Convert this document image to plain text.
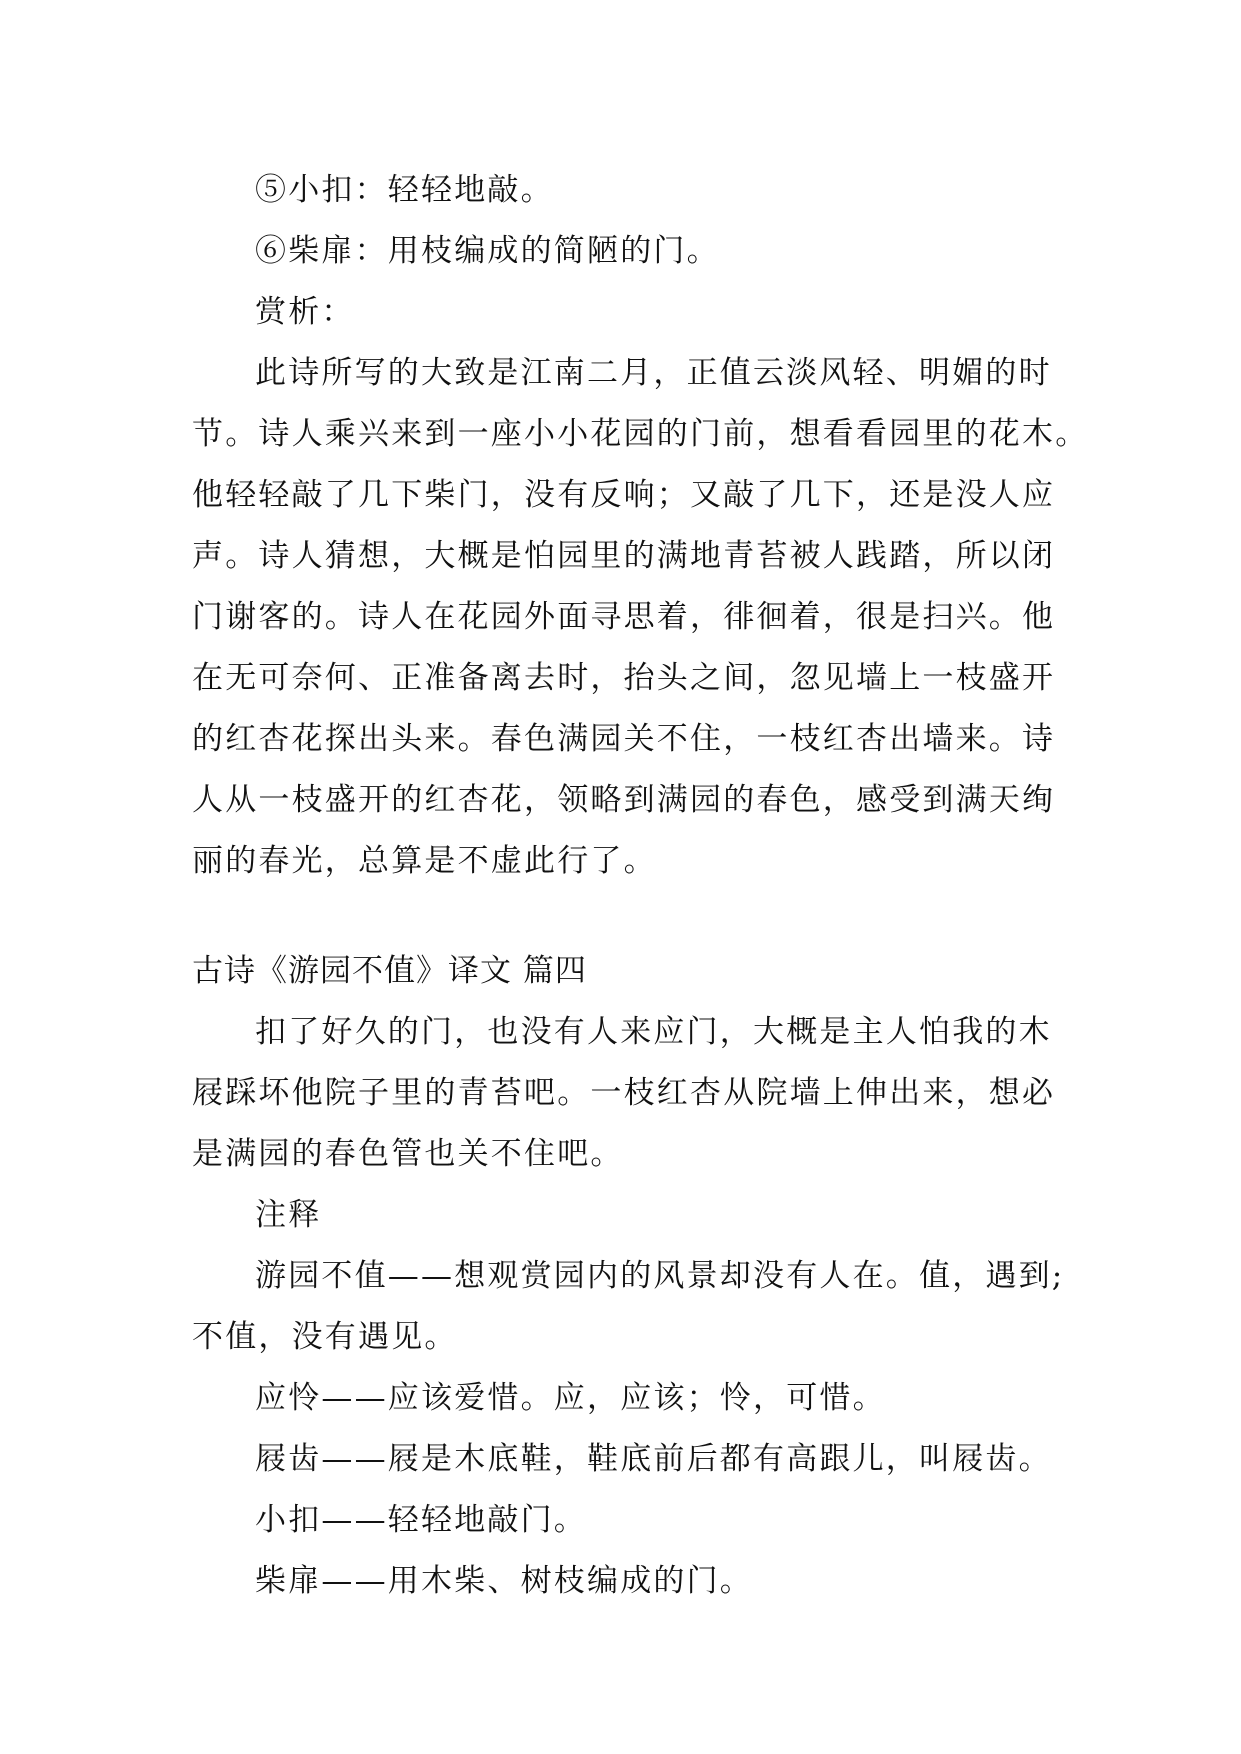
⑤小扣：轻轻地敲。

⑥柴扉：用枝编成的简陋的门。

赏析：

此诗所写的大致是江南二月，正值云淡风轻、明媚的时

节。诗人乘兴来到一座小小花园的门前，想看看园里的花木。

他轻轻敲了几下柴门，没有反响；又敲了几下，还是没人应

声。诗人猜想，大概是怕园里的满地青苔被人践踏，所以闭

门谢客的。诗人在花园外面寻思着，徘徊着，很是扫兴。他

在无可奈何、正准备离去时，抬头之间，忽见墙上一枝盛开

的红杏花探出头来。春色满园关不住，一枝红杏出墙来。诗

人从一枝盛开的红杏花，领略到满园的春色，感受到满天绚

丽的春光，总算是不虚此行了。

古诗《游园不值》译文 篇四

扣了好久的门，也没有人来应门，大概是主人怕我的木

屐踩坏他院子里的青苔吧。一枝红杏从院墙上伸出来，想必

是满园的春色管也关不住吧。

注释

游园不值——想观赏园内的风景却没有人在。值，遇到;

不值，没有遇见。

应怜——应该爱惜。应，应该；怜，可惜。

屐齿——屐是木底鞋，鞋底前后都有高跟儿，叫屐齿。

小扣——轻轻地敲门。

柴扉——用木柴、树枝编成的门。
